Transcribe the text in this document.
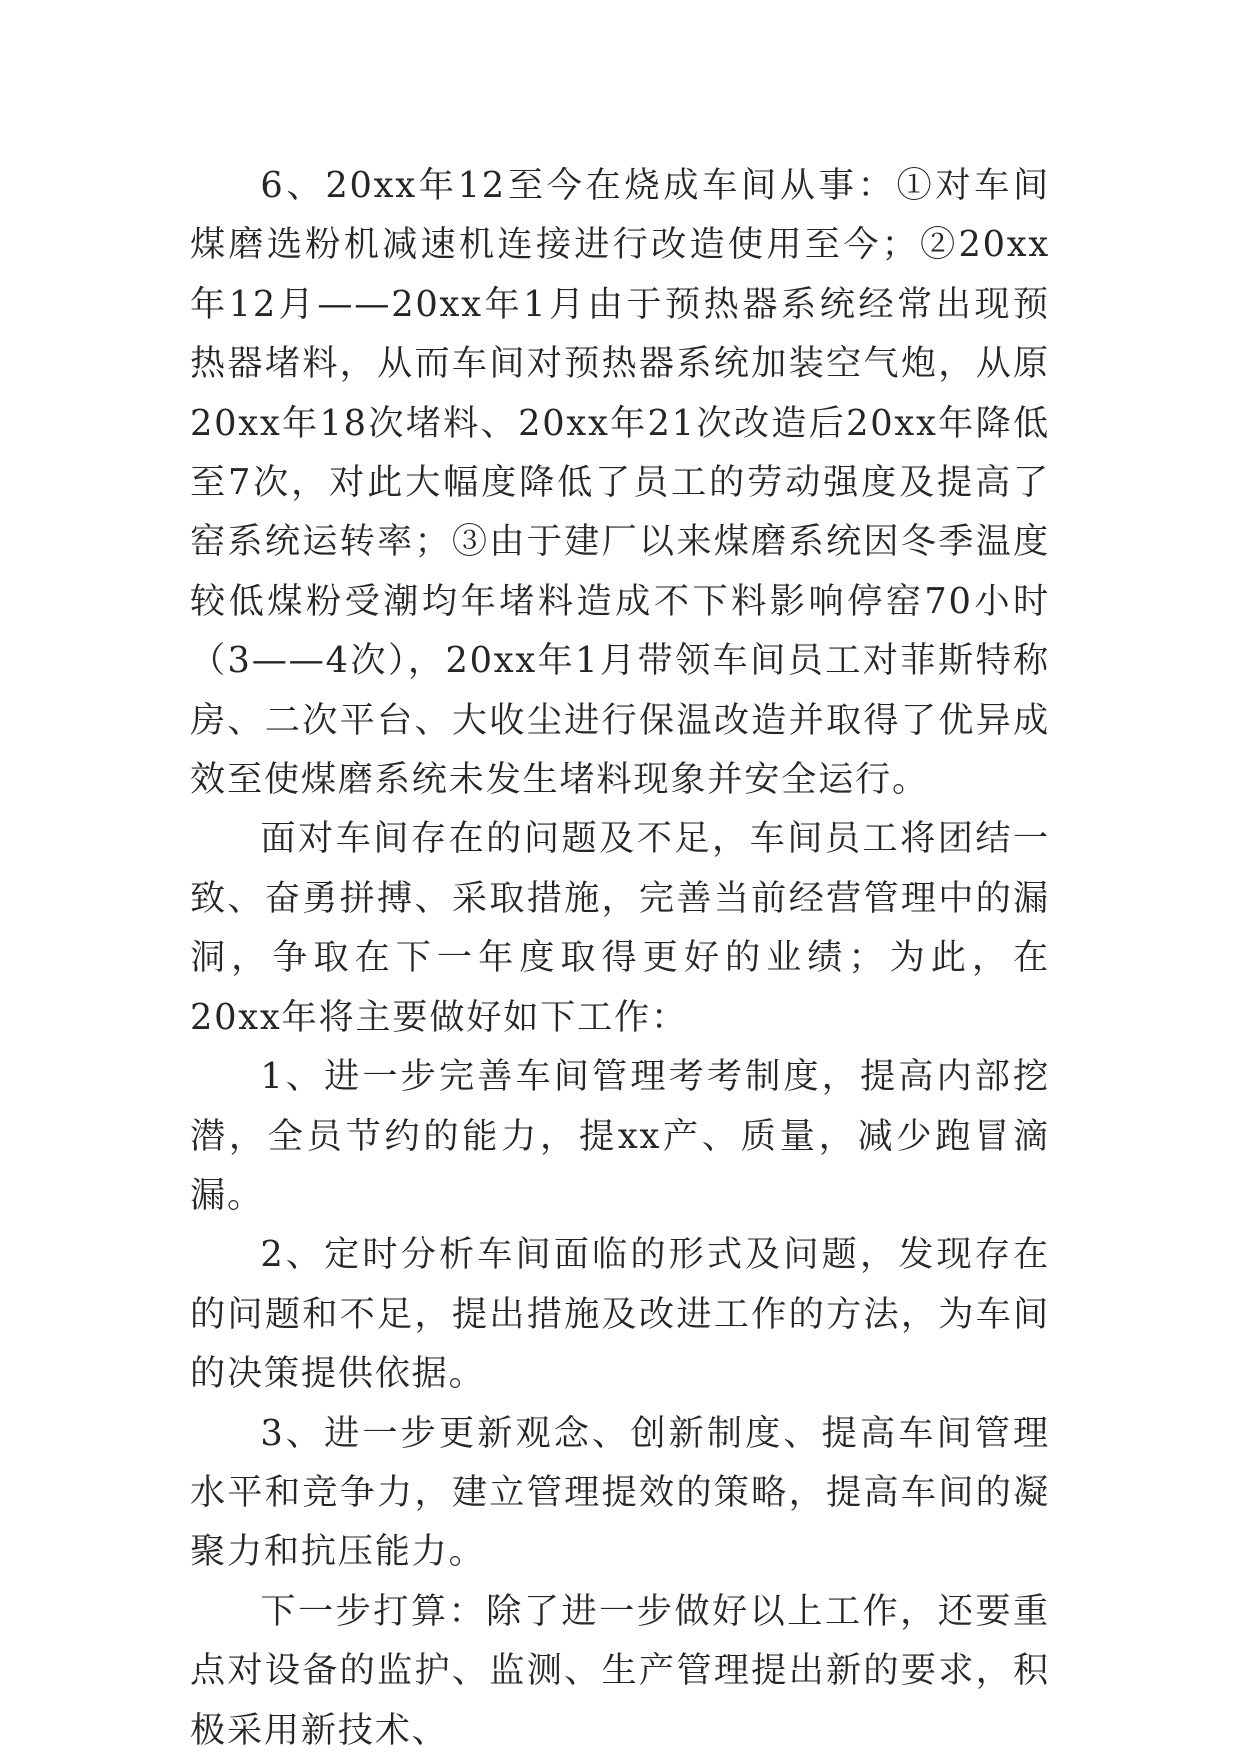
6、20xx年12至今在烧成车间从事：①对车间煤磨选粉机减速机连接进行改造使用至今；②20xx年12月——20xx年1月由于预热器系统经常出现预热器堵料，从而车间对预热器系统加装空气炮，从原20xx年18次堵料、20xx年21次改造后20xx年降低至7次，对此大幅度降低了员工的劳动强度及提高了窑系统运转率；③由于建厂以来煤磨系统因冬季温度较低煤粉受潮均年堵料造成不下料影响停窑70小时（3——4次），20xx年1月带领车间员工对菲斯特称房、二次平台、大收尘进行保温改造并取得了优异成效至使煤磨系统未发生堵料现象并安全运行。

面对车间存在的问题及不足，车间员工将团结一致、奋勇拼搏、采取措施，完善当前经营管理中的漏洞，争取在下一年度取得更好的业绩；为此，在20xx年将主要做好如下工作：

1、进一步完善车间管理考考制度，提高内部挖潜，全员节约的能力，提xx产、质量，减少跑冒滴漏。

2、定时分析车间面临的形式及问题，发现存在的问题和不足，提出措施及改进工作的方法，为车间的决策提供依据。

3、进一步更新观念、创新制度、提高车间管理水平和竞争力，建立管理提效的策略，提高车间的凝聚力和抗压能力。

下一步打算：除了进一步做好以上工作，还要重点对设备的监护、监测、生产管理提出新的要求，积极采用新技术、
